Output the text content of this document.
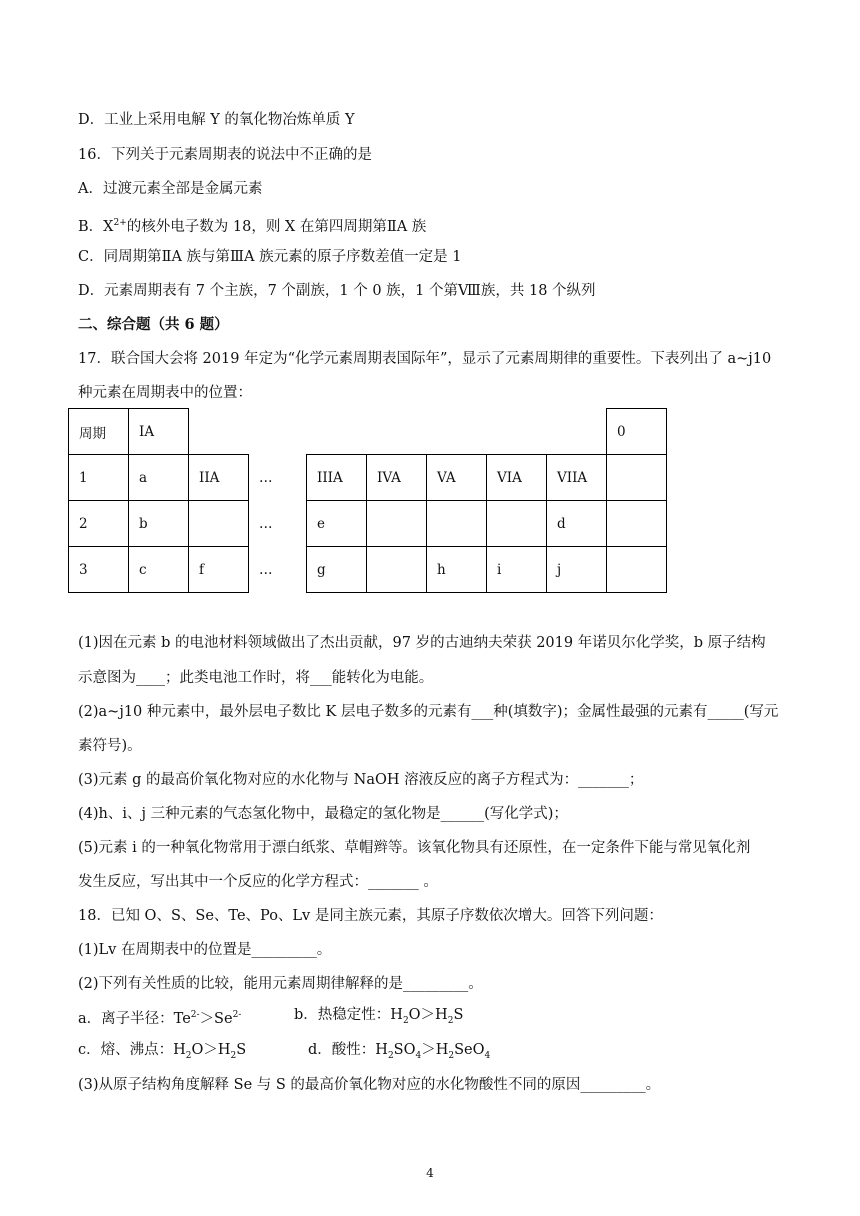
D．工业上采用电解 Y 的氧化物冶炼单质 Y
16．下列关于元素周期表的说法中不正确的是
A．过渡元素全部是金属元素
B．$X^{2+}$的核外电子数为 18，则 X 在第四周期第ⅡA 族
C．同周期第ⅡA 族与第ⅢA 族元素的原子序数差值一定是 1
D．元素周期表有 7 个主族，7 个副族，1 个 0 族，1 个第Ⅷ族，共 18 个纵列
二、综合题（共 6 题）
17．联合国大会将 2019 年定为“化学元素周期表国际年”，显示了元素周期律的重要性。下表列出了 a~j10
种元素在周期表中的位置：
周期	IA								0
1	a	IIA	…	IIIA	IVA	VA	VIA	VIIA	
2	b		…	e				d	
3	c	f	…	g		h	i	j	
(1)因在元素 b 的电池材料领域做出了杰出贡献，97 岁的古迪纳夫荣获 2019 年诺贝尔化学奖，b 原子结构
示意图为____；此类电池工作时，将___能转化为电能。
(2)a~j10 种元素中，最外层电子数比 K 层电子数多的元素有___种(填数字)；金属性最强的元素有_____(写元
素符号)。
(3)元素 g 的最高价氧化物对应的水化物与 NaOH 溶液反应的离子方程式为：_______；
(4)h、i、j 三种元素的气态氢化物中，最稳定的氢化物是______(写化学式)；
(5)元素 i 的一种氧化物常用于漂白纸浆、草帽辫等。该氧化物具有还原性，在一定条件下能与常见氧化剂
发生反应，写出其中一个反应的化学方程式：_______ 。
18．已知 O、S、Se、Te、Po、Lv 是同主族元素，其原子序数依次增大。回答下列问题：
(1)Lv 在周期表中的位置是_________。
(2)下列有关性质的比较，能用元素周期律解释的是_________。
a．离子半径：$Te^{2-}>Se^{2-}$	b．热稳定性：$H_2O>H_2S$
c．熔、沸点：$H_2O>H_2S$	d．酸性：$H_2SO_4>H_2SeO_4$
(3)从原子结构角度解释 Se 与 S 的最高价氧化物对应的水化物酸性不同的原因_________。
4
